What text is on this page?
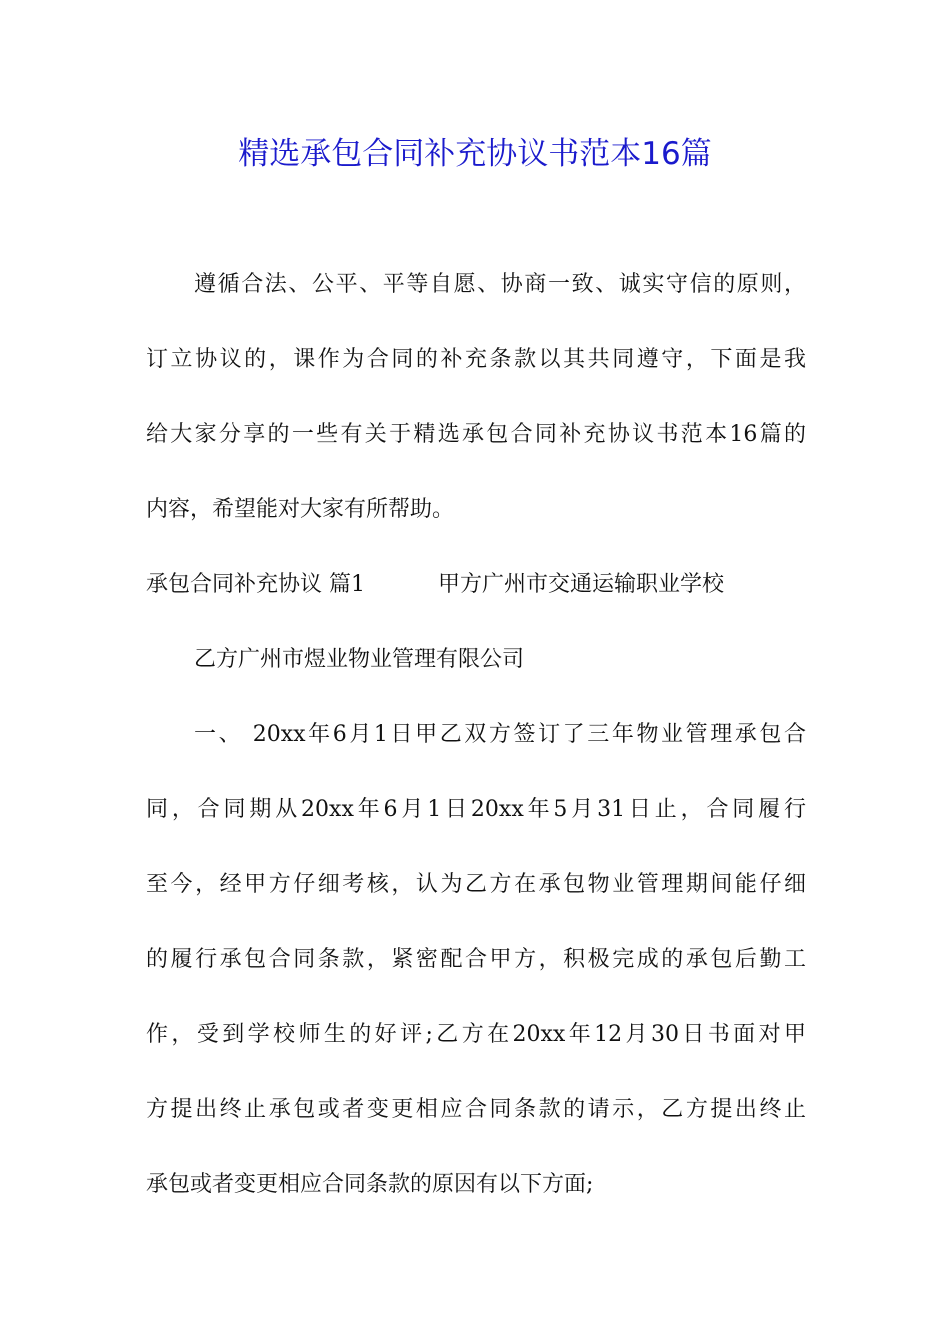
精选承包合同补充协议书范本16篇
遵循合法、公平、平等自愿、协商一致、诚实守信的原则，
订立协议的，课作为合同的补充条款以其共同遵守，下面是我
给大家分享的一些有关于精选承包合同补充协议书范本16篇的
内容，希望能对大家有所帮助。
承包合同补充协议 篇1	甲方广州市交通运输职业学校
乙方广州市煜业物业管理有限公司
一、 20xx年6月1日甲乙双方签订了三年物业管理承包合
同，合同期从20xx年6月1日20xx年5月31日止，合同履行
至今，经甲方仔细考核，认为乙方在承包物业管理期间能仔细
的履行承包合同条款，紧密配合甲方，积极完成的承包后勤工
作，受到学校师生的好评;乙方在20xx年12月30日书面对甲
方提出终止承包或者变更相应合同条款的请示，乙方提出终止
承包或者变更相应合同条款的原因有以下方面;
